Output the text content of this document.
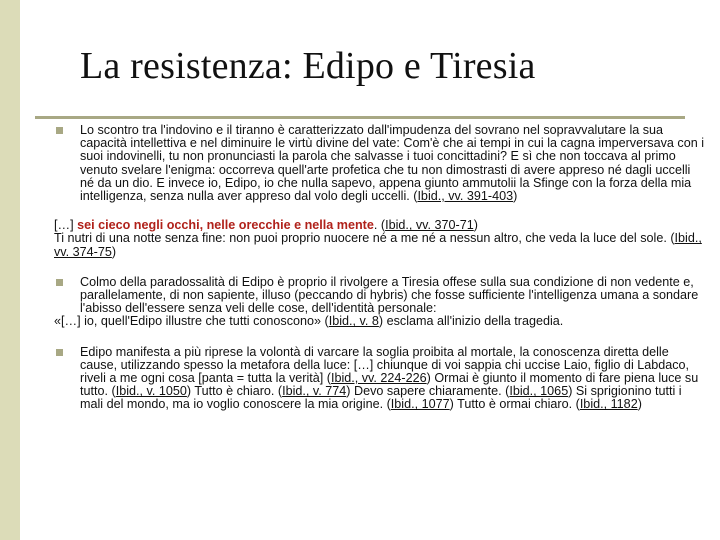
La resistenza: Edipo e Tiresia

Lo scontro tra l'indovino e il tiranno è caratterizzato dall'impudenza del sovrano nel sopravvalutare la sua capacità intellettiva e nel diminuire le virtù divine del vate: Com'è che ai tempi in cui la cagna imperversava con i suoi indovinelli, tu non pronunciasti la parola che salvasse i tuoi concittadini? E sì che non toccava al primo venuto svelare l'enigma: occorreva quell'arte profetica che tu non dimostrasti di avere appreso né dagli uccelli né da un dio. E invece io, Edipo, io che nulla sapevo, appena giunto ammutolii la Sfinge con la forza della mia intelligenza, senza nulla aver appreso dal volo degli uccelli. (Ibid., vv. 391-403)

[…] sei cieco negli occhi, nelle orecchie e nella mente. (Ibid., vv. 370-71)

Ti nutri di una notte senza fine: non puoi proprio nuocere né a me né a nessun altro, che veda la luce del sole. (Ibid., vv. 374-75)

Colmo della paradossalità di Edipo è proprio il rivolgere a Tiresia offese sulla sua condizione di non vedente e, parallelamente, di non sapiente, illuso (peccando di hybris) che fosse sufficiente l'intelligenza umana a sondare l'abisso dell'essere senza veli delle cose, dell'identità personale:

«[…] io, quell'Edipo illustre che tutti conoscono» (Ibid., v. 8) esclama all'inizio della tragedia.

Edipo manifesta a più riprese la volontà di varcare la soglia proibita al mortale, la conoscenza diretta delle cause, utilizzando spesso la metafora della luce: […] chiunque di voi sappia chi uccise Laio, figlio di Labdaco, riveli a me ogni cosa [panta = tutta la verità] (Ibid., vv. 224-226) Ormai è giunto il momento di fare piena luce su tutto. (Ibid., v. 1050) Tutto è chiaro. (Ibid., v. 774) Devo sapere chiaramente. (Ibid., 1065) Si sprigionino tutti i mali del mondo, ma io voglio conoscere la mia origine. (Ibid., 1077) Tutto è ormai chiaro. (Ibid., 1182)
